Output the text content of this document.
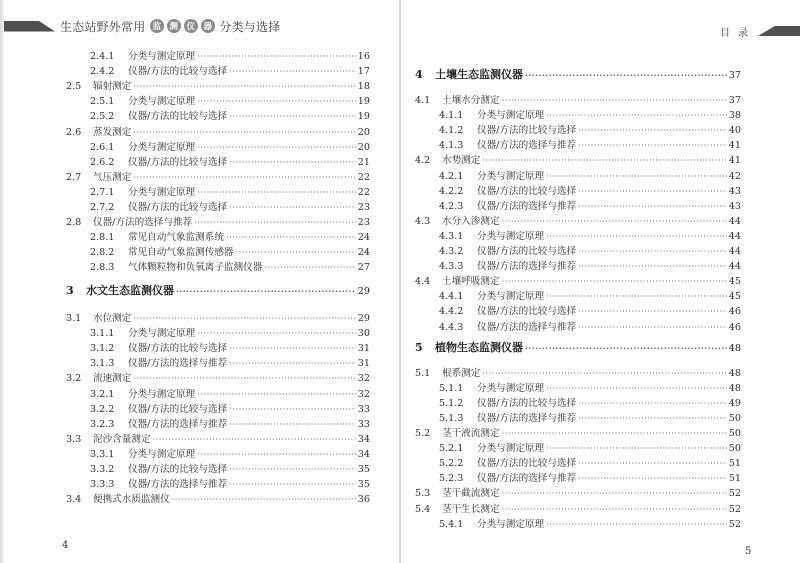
生态站野外常用 监 测 仪 器 分类与选择
2.4.1	分类与测定原理 ·····	16
2.4.2	仪器/方法的比较与选择 ·····	17
2.5	辐射测定 ·····	18
2.5.1	分类与测定原理 ·····	19
2.5.2	仪器/方法的比较与选择 ·····	19
2.6	蒸发测定 ·····	20
2.6.1	分类与测定原理 ·····	20
2.6.2	仪器/方法的比较与选择 ·····	21
2.7	气压测定 ·····	22
2.7.1	分类与测定原理 ·····	22
2.7.2	仪器/方法的比较与选择 ·····	23
2.8	仪器/方法的选择与推荐 ·····	23
2.8.1	常见自动气象监测系统 ·····	24
2.8.2	常见自动气象监测传感器 ·····	24
2.8.3	气体颗粒物和负氧离子监测仪器 ·····	27
3	水文生态监测仪器 ·····	29
3.1	水位测定 ·····	29
3.1.1	分类与测定原理 ·····	30
3.1.2	仪器/方法的比较与选择 ·····	31
3.1.3	仪器/方法的选择与推荐 ·····	31
3.2	流速测定 ·····	32
3.2.1	分类与测定原理 ·····	32
3.2.2	仪器/方法的比较与选择 ·····	33
3.2.3	仪器/方法的选择与推荐 ·····	33
3.3	泥沙含量测定 ·····	34
3.3.1	分类与测定原理 ·····	34
3.3.2	仪器/方法的比较与选择 ·····	35
3.3.3	仪器/方法的选择与推荐 ·····	35
3.4	便携式水质监测仪 ·····	36
4
目录
4	土壤生态监测仪器 ·····	37
4.1	土壤水分测定 ·····	37
4.1.1	分类与测定原理 ·····	38
4.1.2	仪器/方法的比较与选择 ·····	40
4.1.3	仪器/方法的选择与推荐 ·····	41
4.2	水势测定 ·····	41
4.2.1	分类与测定原理 ·····	42
4.2.2	仪器/方法的比较与选择 ·····	43
4.2.3	仪器/方法的选择与推荐 ·····	43
4.3	水分入渗测定 ·····	44
4.3.1	分类与测定原理 ·····	44
4.3.2	仪器/方法的比较与选择 ·····	44
4.3.3	仪器/方法的选择与推荐 ·····	44
4.4	土壤呼吸测定 ·····	45
4.4.1	分类与测定原理 ·····	45
4.4.2	仪器/方法的比较与选择 ·····	46
4.4.3	仪器/方法的选择与推荐 ·····	46
5	植物生态监测仪器 ·····	48
5.1	根系测定 ·····	48
5.1.1	分类与测定原理 ·····	48
5.1.2	仪器/方法的比较与选择 ·····	49
5.1.3	仪器/方法的选择与推荐 ·····	50
5.2	茎干液流测定 ·····	50
5.2.1	分类与测定原理 ·····	50
5.2.2	仪器/方法的比较与选择 ·····	51
5.2.3	仪器/方法的选择与推荐 ·····	51
5.3	茎干截流测定 ·····	52
5.4	茎干生长测定 ·····	52
5.4.1	分类与测定原理 ·····	52
5
